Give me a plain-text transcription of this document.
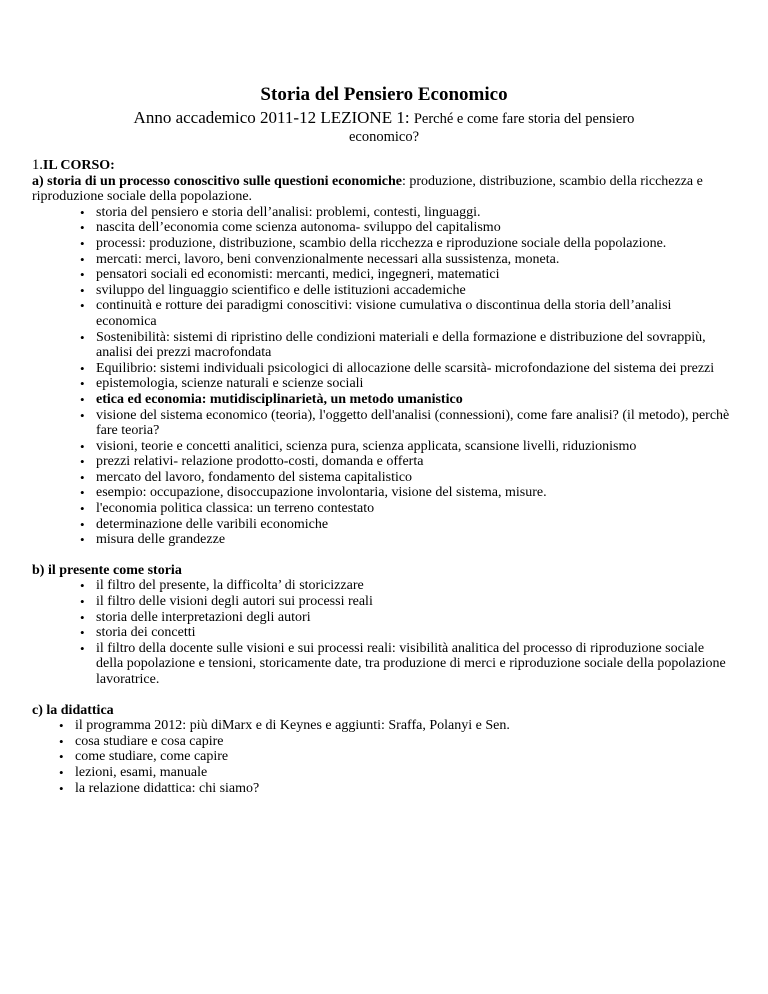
Storia del Pensiero Economico
Anno accademico 2011-12 LEZIONE 1: Perché e come fare storia del pensiero
economico?

1.IL CORSO:

a) storia di un processo conoscitivo sulle questioni economiche: produzione, distribuzione, scambio della ricchezza e riproduzione sociale della popolazione.

• storia del pensiero e storia dell’analisi: problemi, contesti, linguaggi.
• nascita dell’economia come scienza autonoma- sviluppo del capitalismo
• processi: produzione, distribuzione, scambio della ricchezza e riproduzione sociale della popolazione.
• mercati: merci, lavoro, beni convenzionalmente necessari alla sussistenza, moneta.
• pensatori sociali ed economisti: mercanti, medici, ingegneri, matematici
• sviluppo del linguaggio scientifico e delle istituzioni accademiche
• continuità e rotture dei paradigmi conoscitivi: visione cumulativa o discontinua della storia dell’analisi economica
• Sostenibilità: sistemi di ripristino delle condizioni materiali e della formazione e distribuzione del sovrappiù, analisi dei prezzi macrofondata
• Equilibrio: sistemi individuali psicologici di allocazione delle scarsità- microfondazione del sistema dei prezzi
• epistemologia, scienze naturali e scienze sociali
• etica ed economia: mutidisciplinarietà, un metodo umanistico
• visione del sistema economico (teoria), l'oggetto dell'analisi (connessioni), come fare analisi? (il metodo), perchè fare teoria?
• visioni, teorie e concetti analitici, scienza pura, scienza applicata, scansione livelli, riduzionismo
• prezzi relativi- relazione prodotto-costi, domanda e offerta
• mercato del lavoro, fondamento del sistema capitalistico
• esempio: occupazione, disoccupazione involontaria, visione del sistema, misure.
• l'economia politica classica: un terreno contestato
• determinazione delle varibili economiche
• misura delle grandezze

b) il presente come storia

• il filtro del presente, la difficolta’ di storicizzare
• il filtro delle visioni degli autori sui processi reali
• storia delle interpretazioni degli autori
• storia dei concetti
• il filtro della docente sulle visioni e sui processi reali: visibilità analitica del processo di riproduzione sociale della popolazione e tensioni, storicamente date, tra produzione di merci e riproduzione sociale della popolazione lavoratrice.

c) la didattica

• il programma 2012: più diMarx e di Keynes e aggiunti: Sraffa, Polanyi e Sen.
• cosa studiare e cosa capire
• come studiare, come capire
• lezioni, esami, manuale
• la relazione didattica: chi siamo?
